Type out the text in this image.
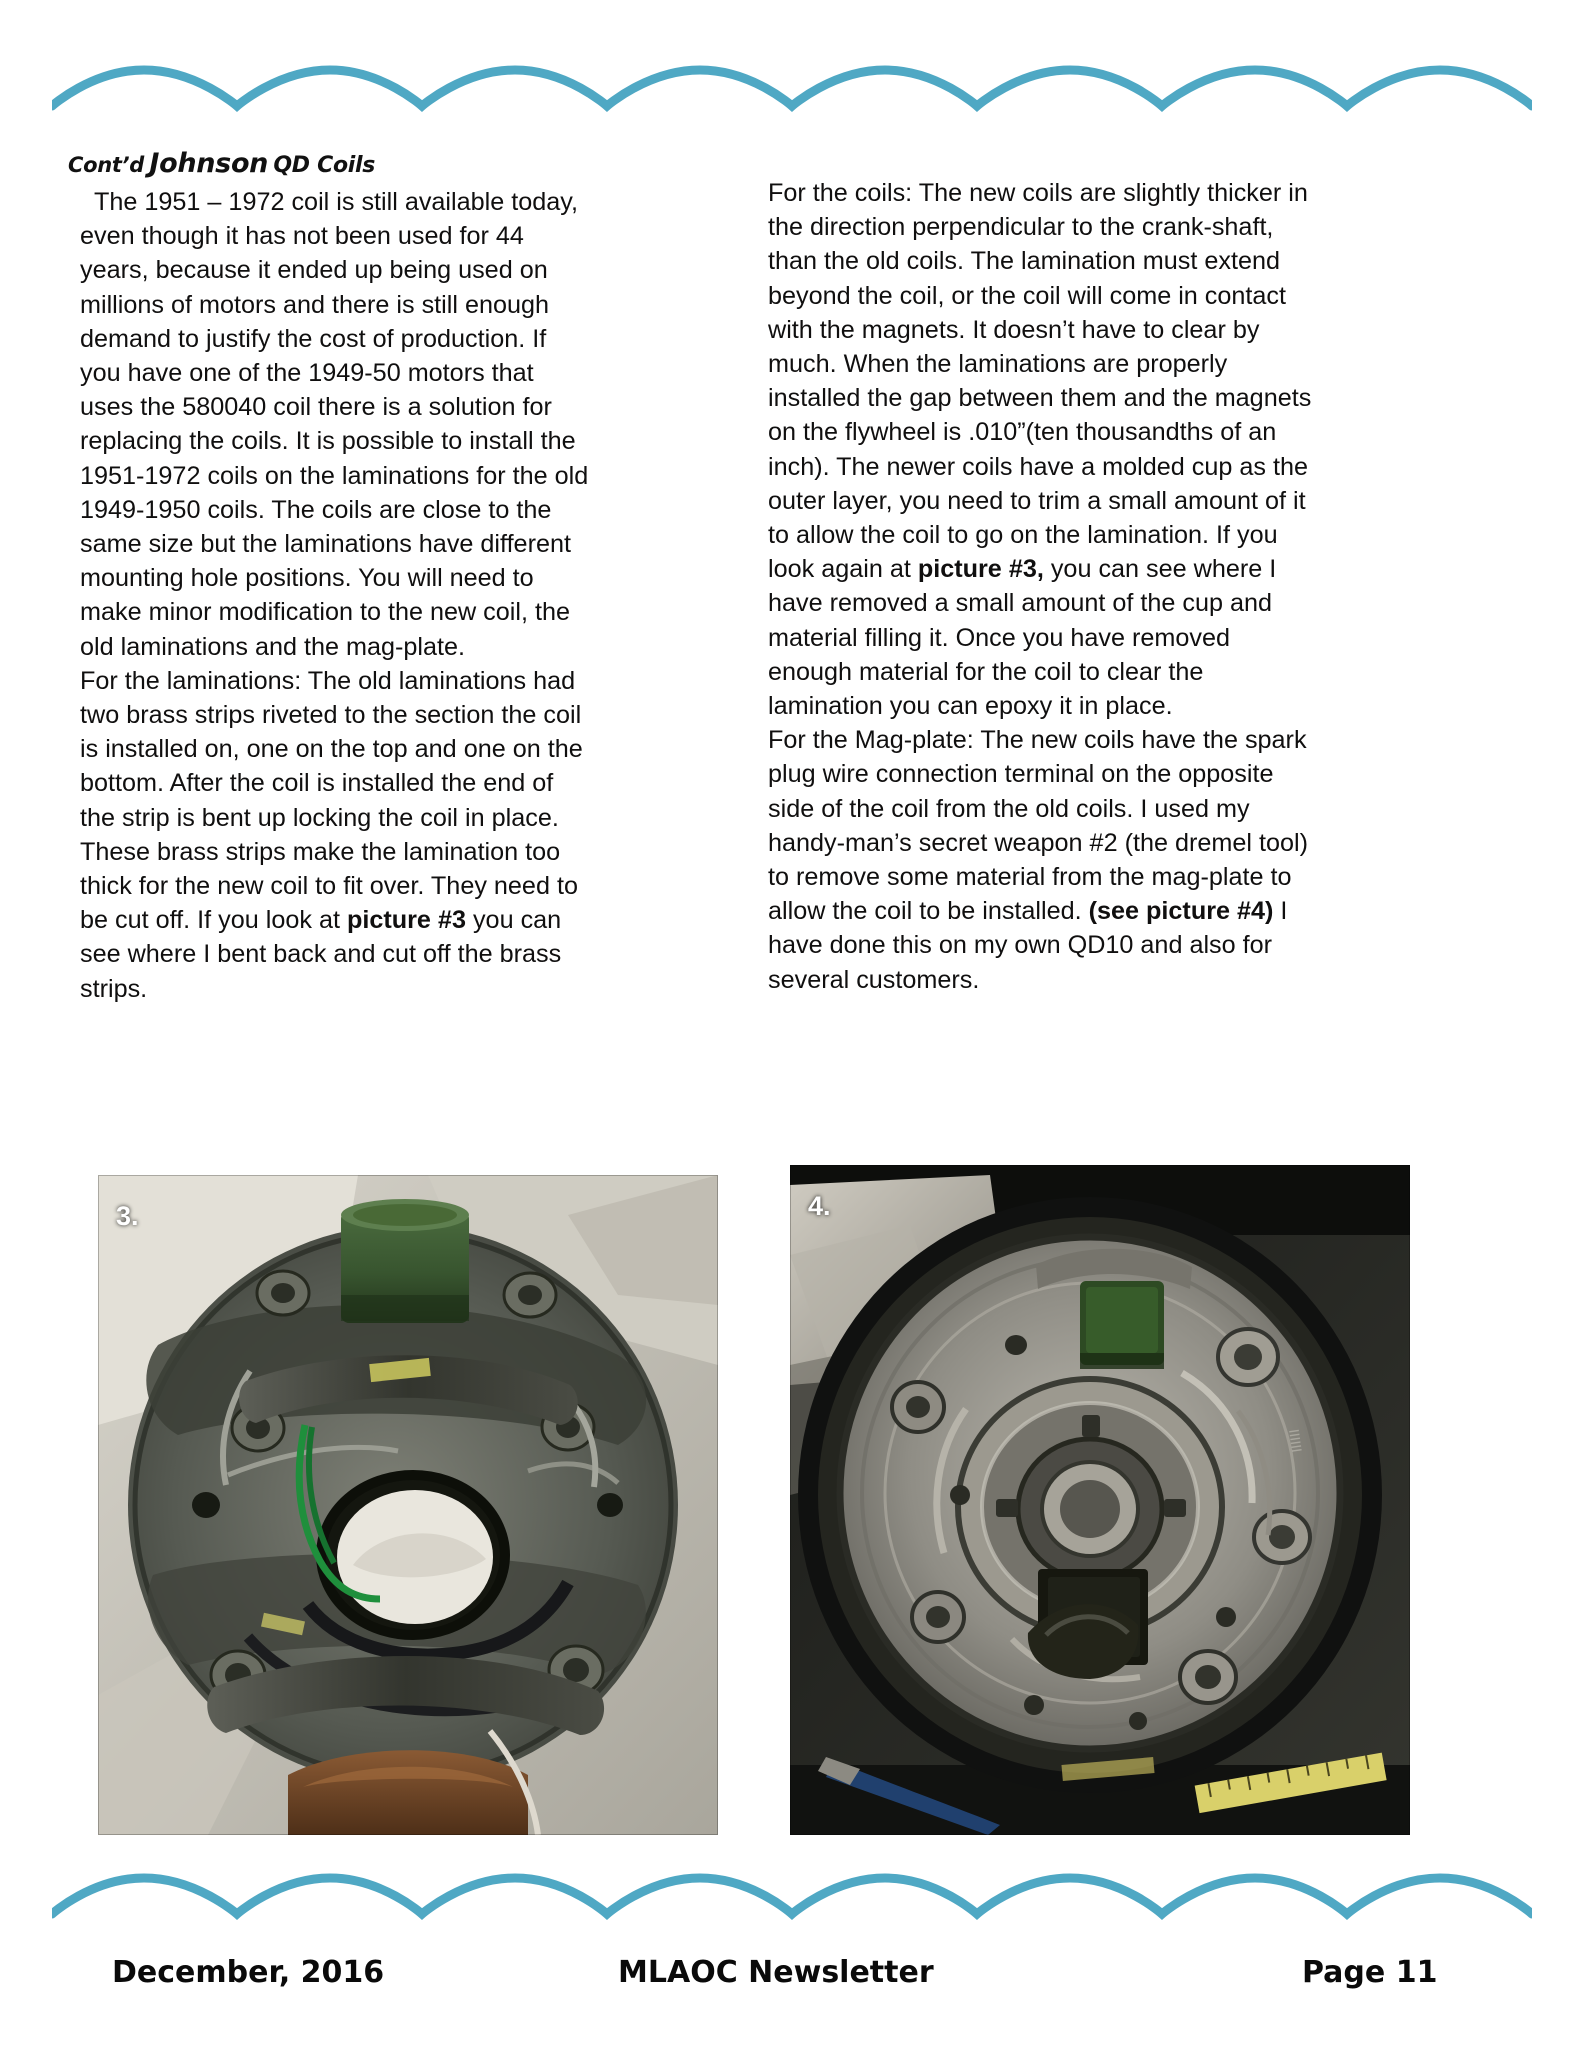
Cont’d Johnson QD Coils

The 1951 – 1972 coil is still available today, even though it has not been used for 44 years, because it ended up being used on millions of motors and there is still enough demand to justify the cost of production. If you have one of the 1949-50 motors that uses the 580040 coil there is a solution for replacing the coils. It is possible to install the 1951-1972 coils on the laminations for the old 1949-1950 coils. The coils are close to the same size but the laminations have different mounting hole positions. You will need to make minor modification to the new coil, the old laminations and the mag-plate.

For the laminations: The old laminations had two brass strips riveted to the section the coil is installed on, one on the top and one on the bottom. After the coil is installed the end of the strip is bent up locking the coil in place. These brass strips make the lamination too thick for the new coil to fit over. They need to be cut off. If you look at picture #3 you can see where I bent back and cut off the brass strips.

For the coils: The new coils are slightly thicker in the direction perpendicular to the crank-shaft, than the old coils. The lamination must extend beyond the coil, or the coil will come in contact with the magnets. It doesn’t have to clear by much. When the laminations are properly installed the gap between them and the magnets on the flywheel is .010”(ten thousandths of an inch). The newer coils have a molded cup as the outer layer, you need to trim a small amount of it to allow the coil to go on the lamination. If you look again at picture #3, you can see where I have removed a small amount of the cup and material filling it. Once you have removed enough material for the coil to clear the lamination you can epoxy it in place.

For the Mag-plate: The new coils have the spark plug wire connection terminal on the opposite side of the coil from the old coils. I used my handy-man’s secret weapon #2 (the dremel tool) to remove some material from the mag-plate to allow the coil to be installed. (see picture #4) I have done this on my own QD10 and also for several customers.

3.	4.
IIIIII
December, 2016	MLAOC Newsletter	Page 11
